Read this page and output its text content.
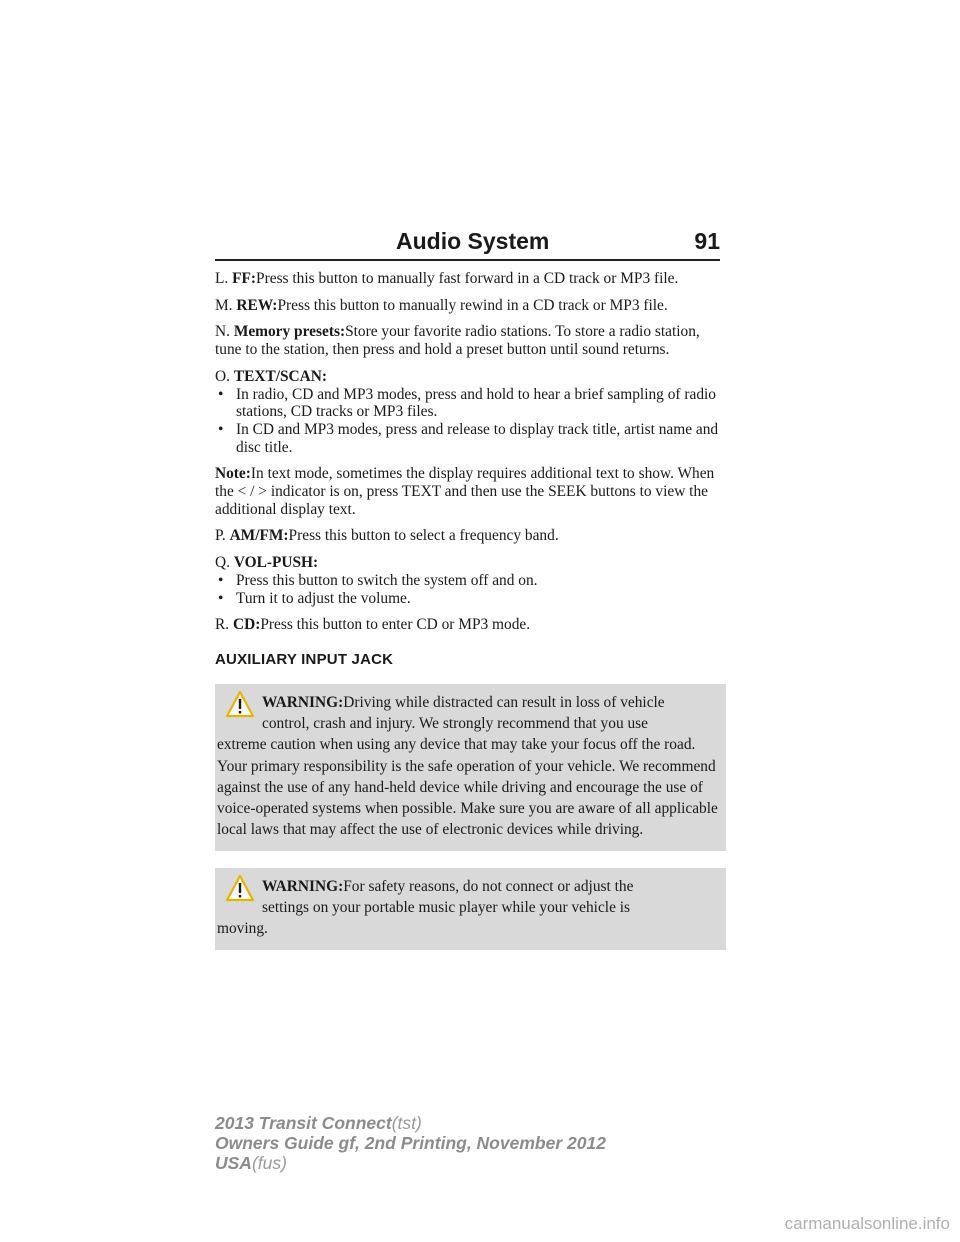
Audio System	91
L. FF:Press this button to manually fast forward in a CD track or MP3 file.
M. REW:Press this button to manually rewind in a CD track or MP3 file.
N. Memory presets:Store your favorite radio stations. To store a radio station, tune to the station, then press and hold a preset button until sound returns.
O. TEXT/SCAN:
• In radio, CD and MP3 modes, press and hold to hear a brief sampling of radio stations, CD tracks or MP3 files.
• In CD and MP3 modes, press and release to display track title, artist name and disc title.
Note:In text mode, sometimes the display requires additional text to show. When the < / > indicator is on, press TEXT and then use the SEEK buttons to view the additional display text.
P. AM/FM:Press this button to select a frequency band.
Q. VOL-PUSH:
• Press this button to switch the system off and on.
• Turn it to adjust the volume.
R. CD:Press this button to enter CD or MP3 mode.
AUXILIARY INPUT JACK
WARNING:Driving while distracted can result in loss of vehicle
control, crash and injury. We strongly recommend that you use
extreme caution when using any device that may take your focus off the road. Your primary responsibility is the safe operation of your vehicle. We recommend against the use of any hand-held device while driving and encourage the use of voice-operated systems when possible. Make sure you are aware of all applicable local laws that may affect the use of electronic devices while driving.
WARNING:For safety reasons, do not connect or adjust the
settings on your portable music player while your vehicle is
moving.
2013 Transit Connect(tst)
Owners Guide gf, 2nd Printing, November 2012
USA(fus)
carmanualsonline.info
